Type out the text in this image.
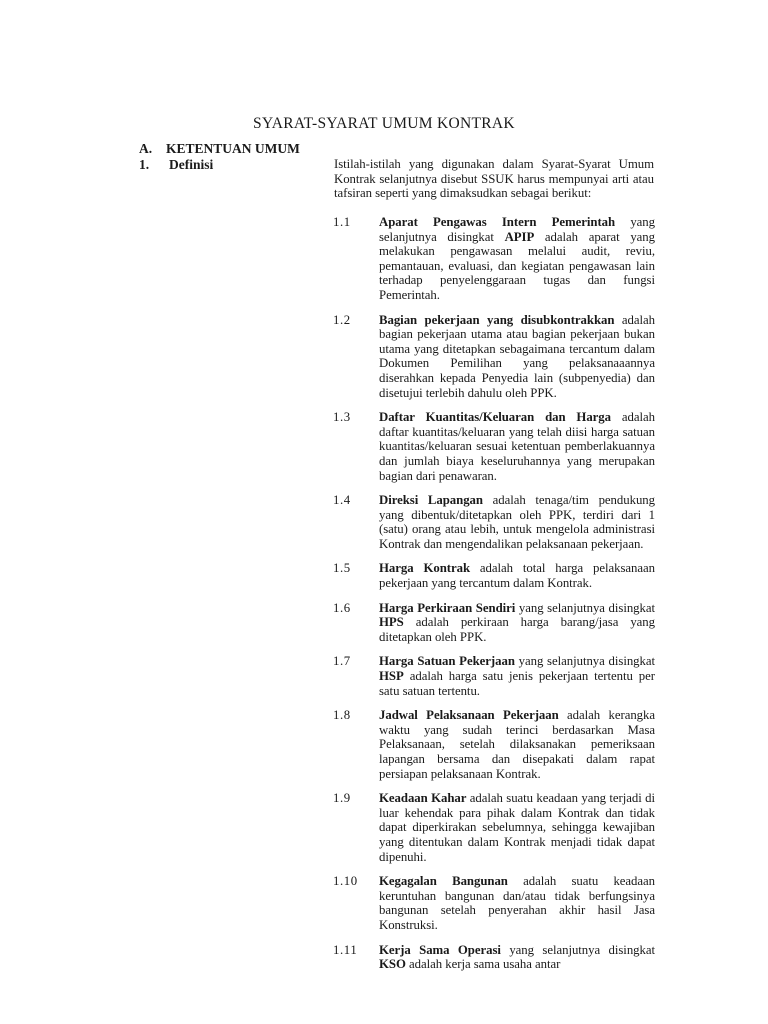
SYARAT-SYARAT UMUM KONTRAK
A. KETENTUAN UMUM
1. Definisi	Istilah-istilah yang digunakan dalam Syarat-Syarat Umum Kontrak selanjutnya disebut SSUK harus mempunyai arti atau tafsiran seperti yang dimaksudkan sebagai berikut:
1.1	Aparat Pengawas Intern Pemerintah yang selanjutnya disingkat APIP adalah aparat yang melakukan pengawasan melalui audit, reviu, pemantauan, evaluasi, dan kegiatan pengawasan lain terhadap penyelenggaraan tugas dan fungsi Pemerintah.
1.2	Bagian pekerjaan yang disubkontrakkan adalah bagian pekerjaan utama atau bagian pekerjaan bukan utama yang ditetapkan sebagaimana tercantum dalam Dokumen Pemilihan yang pelaksanaaannya diserahkan kepada Penyedia lain (subpenyedia) dan disetujui terlebih dahulu oleh PPK.
1.3	Daftar Kuantitas/Keluaran dan Harga adalah daftar kuantitas/keluaran yang telah diisi harga satuan kuantitas/keluaran sesuai ketentuan pemberlakuannya dan jumlah biaya keseluruhannya yang merupakan bagian dari penawaran.
1.4	Direksi Lapangan adalah tenaga/tim pendukung yang dibentuk/ditetapkan oleh PPK, terdiri dari 1 (satu) orang atau lebih, untuk mengelola administrasi Kontrak dan mengendalikan pelaksanaan pekerjaan.
1.5	Harga Kontrak adalah total harga pelaksanaan pekerjaan yang tercantum dalam Kontrak.
1.6	Harga Perkiraan Sendiri yang selanjutnya disingkat HPS adalah perkiraan harga barang/jasa yang ditetapkan oleh PPK.
1.7	Harga Satuan Pekerjaan yang selanjutnya disingkat HSP adalah harga satu jenis pekerjaan tertentu per satu satuan tertentu.
1.8	Jadwal Pelaksanaan Pekerjaan adalah kerangka waktu yang sudah terinci berdasarkan Masa Pelaksanaan, setelah dilaksanakan pemeriksaan lapangan bersama dan disepakati dalam rapat persiapan pelaksanaan Kontrak.
1.9	Keadaan Kahar adalah suatu keadaan yang terjadi di luar kehendak para pihak dalam Kontrak dan tidak dapat diperkirakan sebelumnya, sehingga kewajiban yang ditentukan dalam Kontrak menjadi tidak dapat dipenuhi.
1.10	Kegagalan Bangunan adalah suatu keadaan keruntuhan bangunan dan/atau tidak berfungsinya bangunan setelah penyerahan akhir hasil Jasa Konstruksi.
1.11	Kerja Sama Operasi yang selanjutnya disingkat KSO adalah kerja sama usaha antar
